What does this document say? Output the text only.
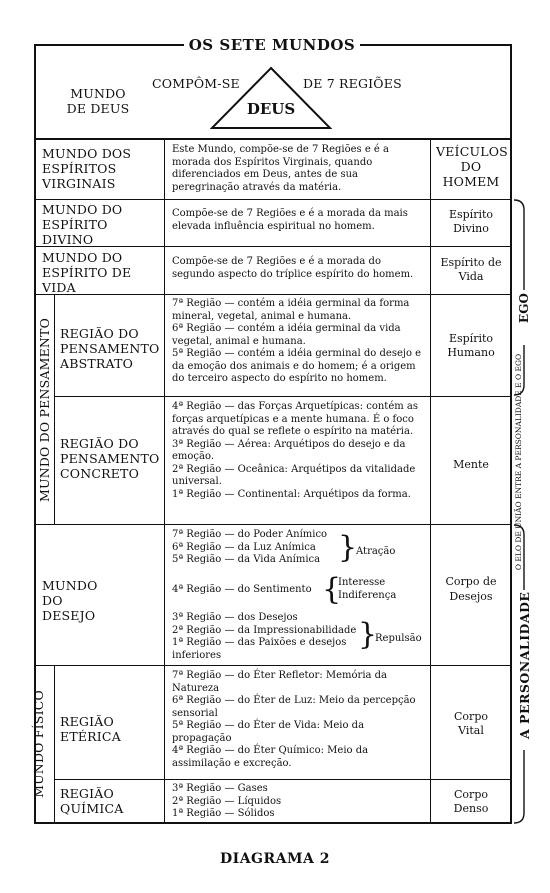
OS SETE MUNDOS
MUNDO DE DEUS
COMPÔM-SE	DE 7 REGIÕES
DEUS
MUNDO DOS ESPÍRITOS VIRGINAIS
Este Mundo, compõe-se de 7 Regiões e é a morada dos Espíritos Virginais, quando diferenciados em Deus, antes de sua peregrinação através da matéria.
VEÍCULOS DO HOMEM
MUNDO DO ESPÍRITO DIVINO
Compõe-se de 7 Regiões e é a morada da mais elevada influência espiritual no homem.
Espírito Divino
MUNDO DO ESPÍRITO DE VIDA
Compõe-se de 7 Regiões e é a morada do segundo aspecto do tríplice espírito do homem.
Espírito de Vida
MUNDO DO PENSAMENTO REGIÃO DO PENSAMENTO ABSTRATO
7ª Região — contém a idéia germinal da forma mineral, vegetal, animal e humana.
6ª Região — contém a idéia germinal da vida vegetal, animal e humana.
5ª Região — contém a idéia germinal do desejo e da emoção dos animais e do homem; é a origem do terceiro aspecto do espírito no homem.
Espírito Humano
REGIÃO DO PENSAMENTO CONCRETO
4ª Região — das Forças Arquetípicas: contém as forças arquetípicas e a mente humana. É o foco através do qual se reflete o espírito na matéria.
3ª Região — Aérea: Arquétipos do desejo e da emoção.
2ª Região — Oceânica: Arquétipos da vitalidade universal.
1ª Região — Continental: Arquétipos da forma.
Mente
MUNDO DO DESEJO
7ª Região — do Poder Anímico
6ª Região — da Luz Anímica
5ª Região — da Vida Anímica }
Atração
4ª Região — do Sentimento {
Interesse
Indiferença
3ª Região — dos Desejos
2ª Região — da Impressionabilidade
1ª Região — das Paixões e desejos inferiores
}
Repulsão
Corpo de Desejos
MUNDO FÍSICO REGIÃO ETÉRICA
7ª Região — do Éter Refletor: Memória da Natureza
6ª Região — do Éter de Luz: Meio da percepção sensorial
5ª Região — do Éter de Vida: Meio da propagação
4ª Região — do Éter Químico: Meio da assimilação e excreção.
Corpo Vital
REGIÃO QUÍMICA
3ª Região — Gases
2ª Região — Líquidos
1ª Região — Sólidos
Corpo Denso
EGO
O ELO DE UNIÃO ENTRE A PERSONALIDADE E O EGO
A PERSONALIDADE
DIAGRAMA 2
